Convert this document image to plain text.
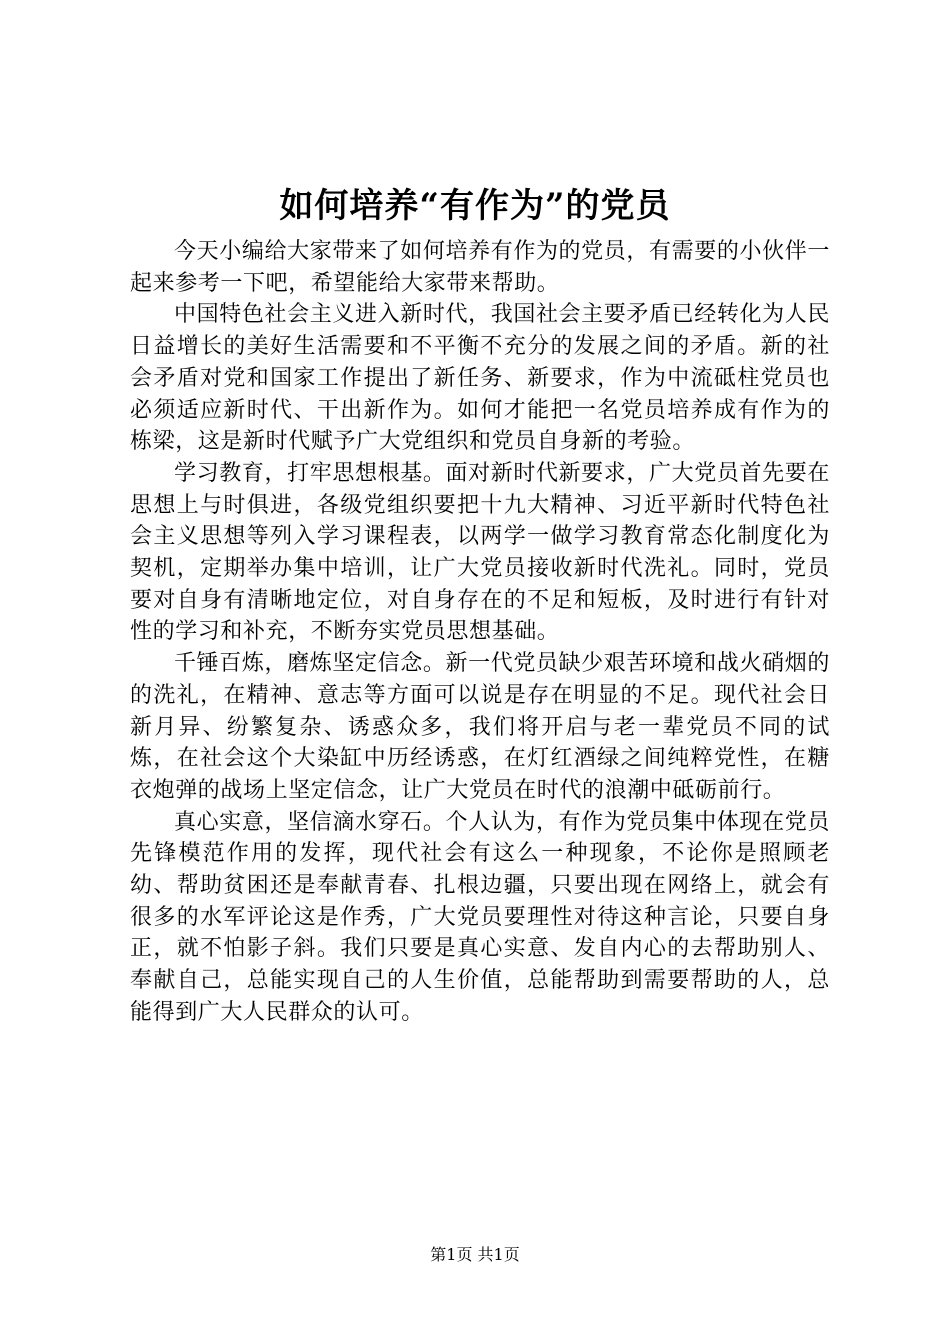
如何培养“有作为”的党员

今天小编给大家带来了如何培养有作为的党员，有需要的小伙伴一起来参考一下吧，希望能给大家带来帮助。

中国特色社会主义进入新时代，我国社会主要矛盾已经转化为人民日益增长的美好生活需要和不平衡不充分的发展之间的矛盾。新的社会矛盾对党和国家工作提出了新任务、新要求，作为中流砥柱党员也必须适应新时代、干出新作为。如何才能把一名党员培养成有作为的栋梁，这是新时代赋予广大党组织和党员自身新的考验。

学习教育，打牢思想根基。面对新时代新要求，广大党员首先要在思想上与时俱进，各级党组织要把十九大精神、习近平新时代特色社会主义思想等列入学习课程表，以两学一做学习教育常态化制度化为契机，定期举办集中培训，让广大党员接收新时代洗礼。同时，党员要对自身有清晰地定位，对自身存在的不足和短板，及时进行有针对性的学习和补充，不断夯实党员思想基础。

千锤百炼，磨炼坚定信念。新一代党员缺少艰苦环境和战火硝烟的的洗礼，在精神、意志等方面可以说是存在明显的不足。现代社会日新月异、纷繁复杂、诱惑众多，我们将开启与老一辈党员不同的试炼，在社会这个大染缸中历经诱惑，在灯红酒绿之间纯粹党性，在糖衣炮弹的战场上坚定信念，让广大党员在时代的浪潮中砥砺前行。

真心实意，坚信滴水穿石。个人认为，有作为党员集中体现在党员先锋模范作用的发挥，现代社会有这么一种现象，不论你是照顾老幼、帮助贫困还是奉献青春、扎根边疆，只要出现在网络上，就会有很多的水军评论这是作秀，广大党员要理性对待这种言论，只要自身正，就不怕影子斜。我们只要是真心实意、发自内心的去帮助别人、奉献自己，总能实现自己的人生价值，总能帮助到需要帮助的人，总能得到广大人民群众的认可。

第1页 共1页
